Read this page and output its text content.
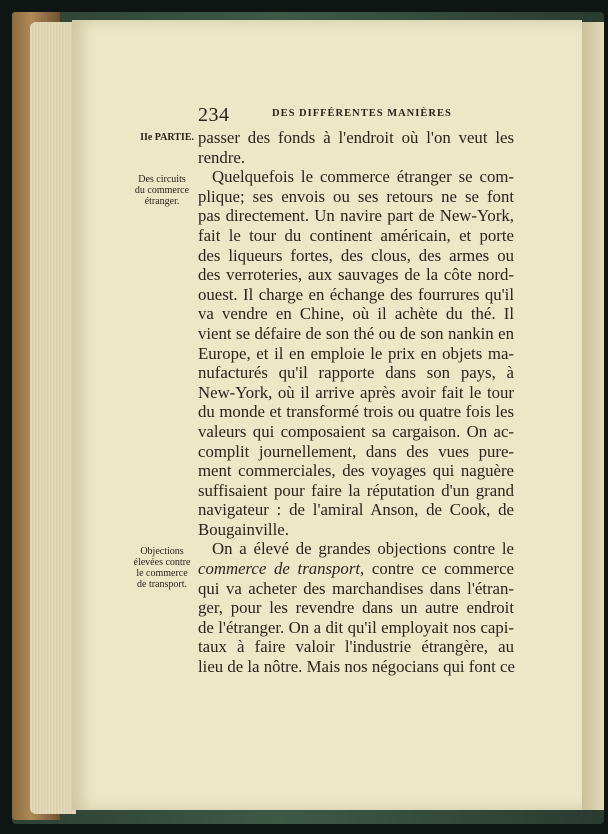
234	DES DIFFÉRENTES MANIÈRES
IIe PARTIE.
Des circuits
du commerce
étranger.
Objections
élevées contre
le commerce
de transport.
passer des fonds à l'endroit où l'on veut les
rendre.
Quelquefois le commerce étranger se com-
plique; ses envois ou ses retours ne se font
pas directement. Un navire part de New-York,
fait le tour du continent américain, et porte
des liqueurs fortes, des clous, des armes ou
des verroteries, aux sauvages de la côte nord-
ouest. Il charge en échange des fourrures qu'il
va vendre en Chine, où il achète du thé. Il
vient se défaire de son thé ou de son nankin en
Europe, et il en emploie le prix en objets ma-
nufacturés qu'il rapporte dans son pays, à
New-York, où il arrive après avoir fait le tour
du monde et transformé trois ou quatre fois les
valeurs qui composaient sa cargaison. On ac-
complit journellement, dans des vues pure-
ment commerciales, des voyages qui naguère
suffisaient pour faire la réputation d'un grand
navigateur : de l'amiral Anson, de Cook, de
Bougainville.
On a élevé de grandes objections contre le
commerce de transport, contre ce commerce
qui va acheter des marchandises dans l'étran-
ger, pour les revendre dans un autre endroit
de l'étranger. On a dit qu'il employait nos capi-
taux à faire valoir l'industrie étrangère, au
lieu de la nôtre. Mais nos négocians qui font ce
